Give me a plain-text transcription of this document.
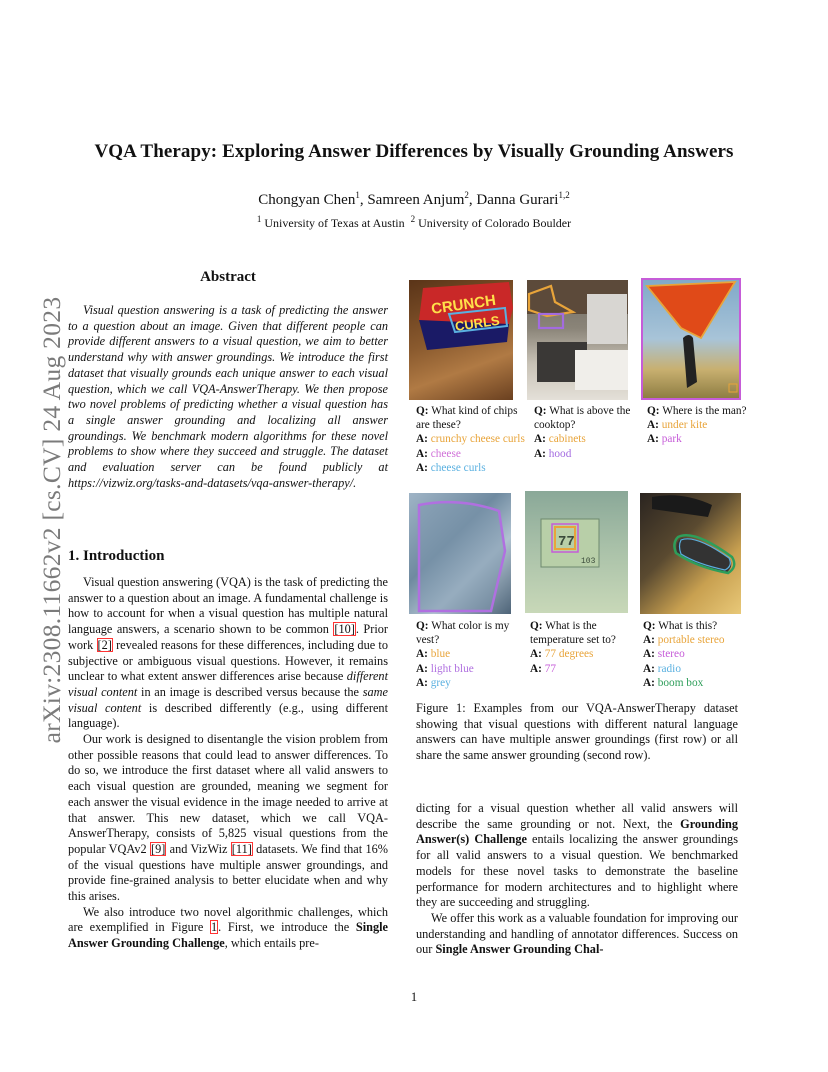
VQA Therapy: Exploring Answer Differences by Visually Grounding Answers
Chongyan Chen$^1$, Samreen Anjum$^2$, Danna Gurari$^{1,2}$
$^1$ University of Texas at Austin $^2$ University of Colorado Boulder
arXiv:2308.11662v2 [cs.CV] 24 Aug 2023
Abstract

Visual question answering is a task of predicting the answer to a question about an image. Given that different people can provide different answers to a visual question, we aim to better understand why with answer groundings. We introduce the first dataset that visually grounds each unique answer to each visual question, which we call VQA-AnswerTherapy. We then propose two novel problems of predicting whether a visual question has a single answer grounding and localizing all answer groundings. We benchmark modern algorithms for these novel problems to show where they succeed and struggle. The dataset and evaluation server can be found publicly at https://vizwiz.org/tasks-and-datasets/vqa-answer-therapy/.

1. Introduction

Visual question answering (VQA) is the task of predicting the answer to a question about an image. A fundamental challenge is how to account for when a visual question has multiple natural language answers, a scenario shown to be common [10]. Prior work [2] revealed reasons for these differences, including due to subjective or ambiguous visual questions. However, it remains unclear to what extent answer differences arise because different visual content in an image is described versus because the same visual content is described differently (e.g., using different language).

Our work is designed to disentangle the vision problem from other possible reasons that could lead to answer differences. To do so, we introduce the first dataset where all valid answers to each visual question are grounded, meaning we segment for each answer the visual evidence in the image needed to arrive at that answer. This new dataset, which we call VQA-AnswerTherapy, consists of 5,825 visual questions from the popular VQAv2 [9] and VizWiz [11] datasets. We find that 16% of the visual questions have multiple answer groundings, and provide fine-grained analysis to better elucidate when and why this arises.

We also introduce two novel algorithmic challenges, which are exemplified in Figure 1. First, we introduce the Single Answer Grounding Challenge, which entails pre-

CRUNCH
CURLS
77
103
Q: What kind of chips are these?
A: crunchy cheese curls
A: cheese
A: cheese curls
Q: What is above the cooktop?
A: cabinets
A: hood
Q: Where is the man?
A: under kite
A: park
Q: What color is my vest?
A: blue
A: light blue
A: grey
Q: What is the temperature set to?
A: 77 degrees
A: 77
Q: What is this?
A: portable stereo
A: stereo
A: radio
A: boom box
Figure 1: Examples from our VQA-AnswerTherapy dataset showing that visual questions with different natural language answers can have multiple answer groundings (first row) or all share the same answer grounding (second row).

dicting for a visual question whether all valid answers will describe the same grounding or not. Next, the Grounding Answer(s) Challenge entails localizing the answer groundings for all valid answers to a visual question. We benchmarked models for these novel tasks to demonstrate the baseline performance for modern architectures and to highlight where they are succeeding and struggling.

We offer this work as a valuable foundation for improving our understanding and handling of annotator differences. Success on our Single Answer Grounding Chal-

1
